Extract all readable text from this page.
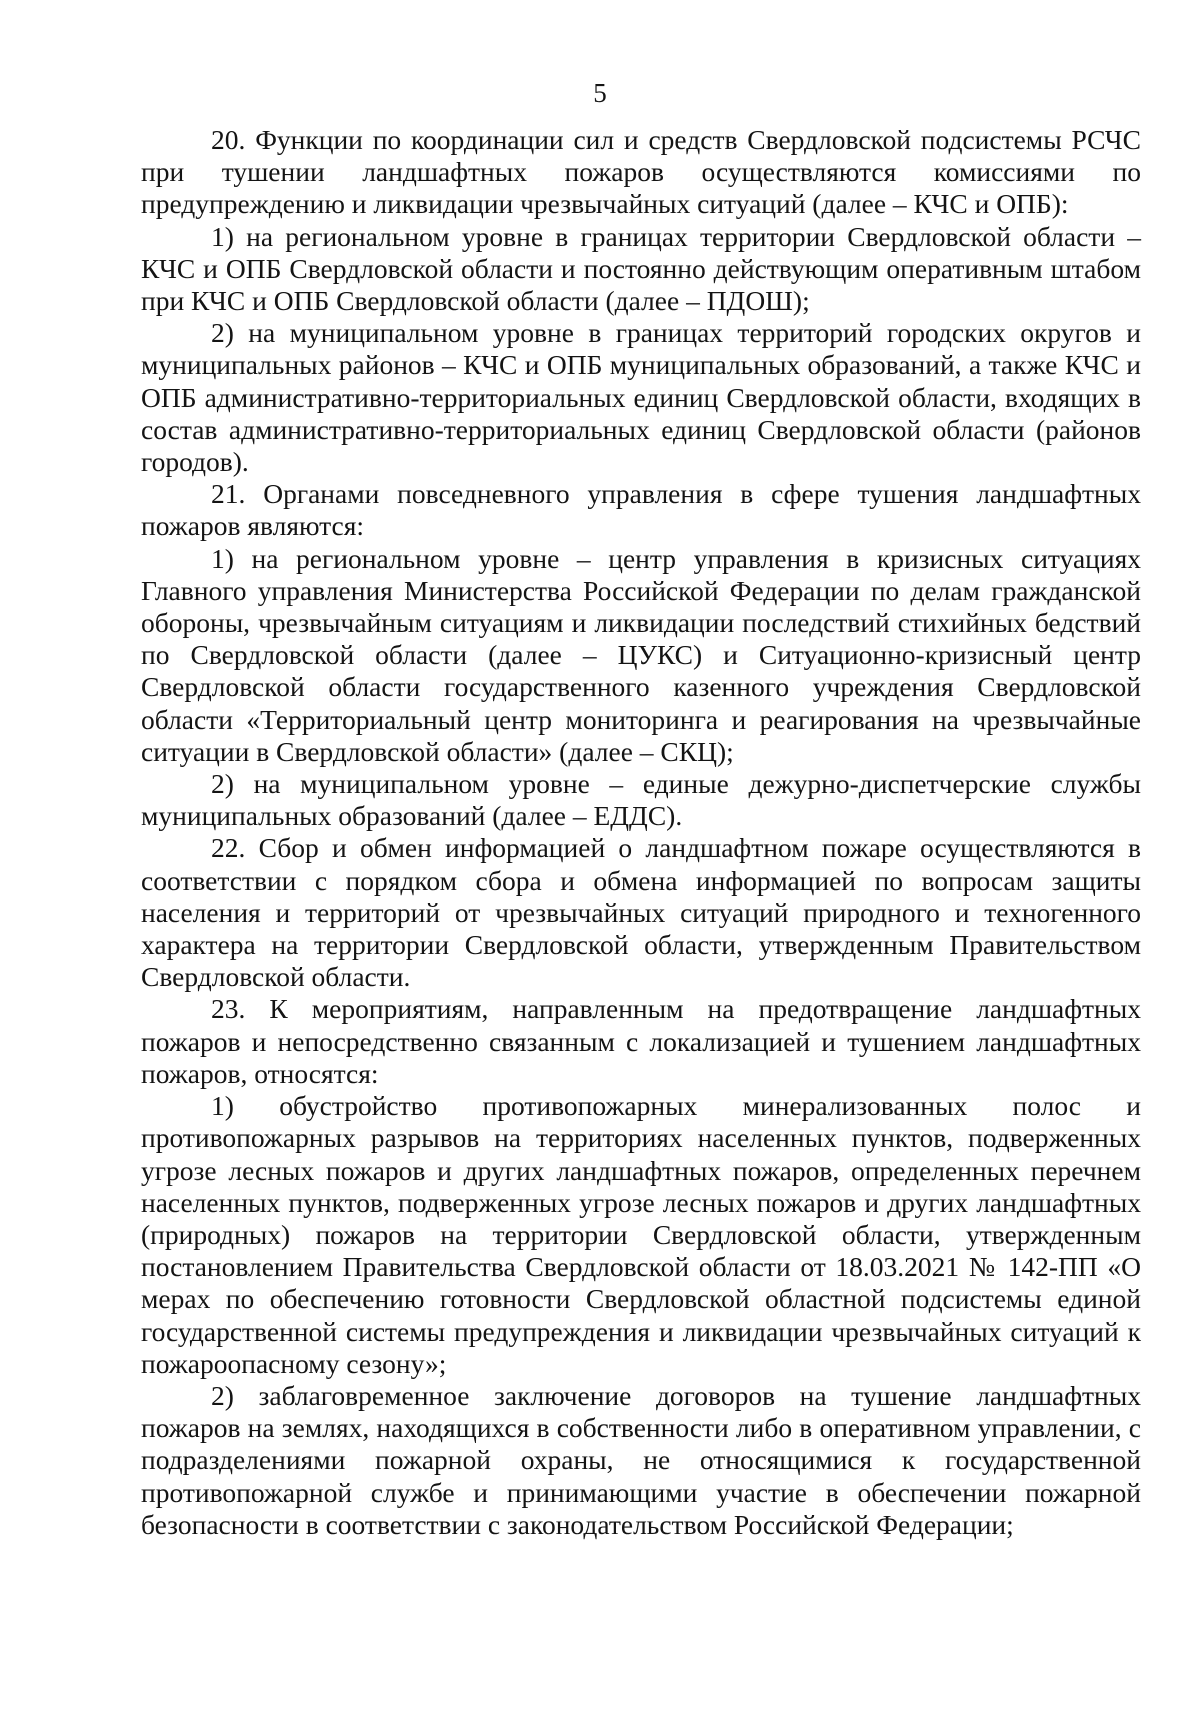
5

20. Функции по координации сил и средств Свердловской подсистемы РСЧС при тушении ландшафтных пожаров осуществляются комиссиями по предупреждению и ликвидации чрезвычайных ситуаций (далее – КЧС и ОПБ):

1) на региональном уровне в границах территории Свердловской области – КЧС и ОПБ Свердловской области и постоянно действующим оперативным штабом при КЧС и ОПБ Свердловской области (далее – ПДОШ);

2) на муниципальном уровне в границах территорий городских округов и муниципальных районов – КЧС и ОПБ муниципальных образований, а также КЧС и ОПБ административно-территориальных единиц Свердловской области, входящих в состав административно-территориальных единиц Свердловской области (районов городов).

21. Органами повседневного управления в сфере тушения ландшафтных пожаров являются:

1) на региональном уровне – центр управления в кризисных ситуациях Главного управления Министерства Российской Федерации по делам гражданской обороны, чрезвычайным ситуациям и ликвидации последствий стихийных бедствий по Свердловской области (далее – ЦУКС) и Ситуационно-кризисный центр Свердловской области государственного казенного учреждения Свердловской области «Территориальный центр мониторинга и реагирования на чрезвычайные ситуации в Свердловской области» (далее – СКЦ);

2) на муниципальном уровне – единые дежурно-диспетчерские службы муниципальных образований (далее – ЕДДС).

22. Сбор и обмен информацией о ландшафтном пожаре осуществляются в соответствии с порядком сбора и обмена информацией по вопросам защиты населения и территорий от чрезвычайных ситуаций природного и техногенного характера на территории Свердловской области, утвержденным Правительством Свердловской области.

23. К мероприятиям, направленным на предотвращение ландшафтных пожаров и непосредственно связанным с локализацией и тушением ландшафтных пожаров, относятся:

1) обустройство противопожарных минерализованных полос и противопожарных разрывов на территориях населенных пунктов, подверженных угрозе лесных пожаров и других ландшафтных пожаров, определенных перечнем населенных пунктов, подверженных угрозе лесных пожаров и других ландшафтных (природных) пожаров на территории Свердловской области, утвержденным постановлением Правительства Свердловской области от 18.03.2021 № 142-ПП «О мерах по обеспечению готовности Свердловской областной подсистемы единой государственной системы предупреждения и ликвидации чрезвычайных ситуаций к пожароопасному сезону»;

2) заблаговременное заключение договоров на тушение ландшафтных пожаров на землях, находящихся в собственности либо в оперативном управлении, с подразделениями пожарной охраны, не относящимися к государственной противопожарной службе и принимающими участие в обеспечении пожарной безопасности в соответствии с законодательством Российской Федерации;
